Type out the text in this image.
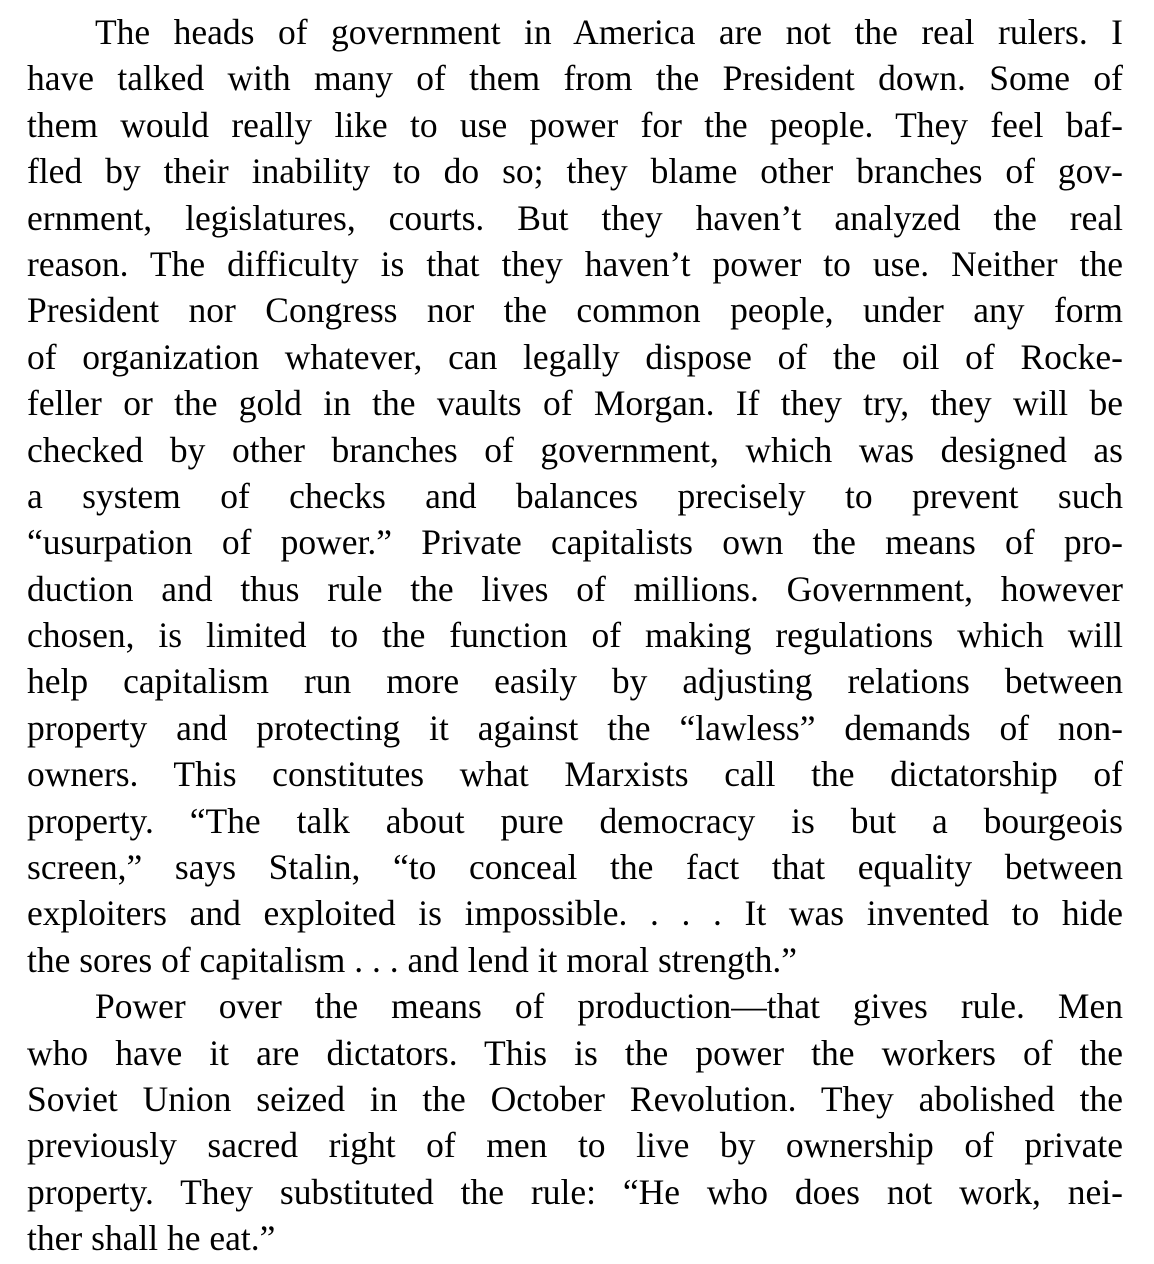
The heads of government in America are not the real rulers. I
have talked with many of them from the President down. Some of
them would really like to use power for the people. They feel baf-
fled by their inability to do so; they blame other branches of gov-
ernment, legislatures, courts. But they haven’t analyzed the real
reason. The difficulty is that they haven’t power to use. Neither the
President nor Congress nor the common people, under any form
of organization whatever, can legally dispose of the oil of Rocke-
feller or the gold in the vaults of Morgan. If they try, they will be
checked by other branches of government, which was designed as
a system of checks and balances precisely to prevent such
“usurpation of power.” Private capitalists own the means of pro-
duction and thus rule the lives of millions. Government, however
chosen, is limited to the function of making regulations which will
help capitalism run more easily by adjusting relations between
property and protecting it against the “lawless” demands of non-
owners. This constitutes what Marxists call the dictatorship of
property. “The talk about pure democracy is but a bourgeois
screen,” says Stalin, “to conceal the fact that equality between
exploiters and exploited is impossible. . . . It was invented to hide
the sores of capitalism . . . and lend it moral strength.”
Power over the means of production—that gives rule. Men
who have it are dictators. This is the power the workers of the
Soviet Union seized in the October Revolution. They abolished the
previously sacred right of men to live by ownership of private
property. They substituted the rule: “He who does not work, nei-
ther shall he eat.”
